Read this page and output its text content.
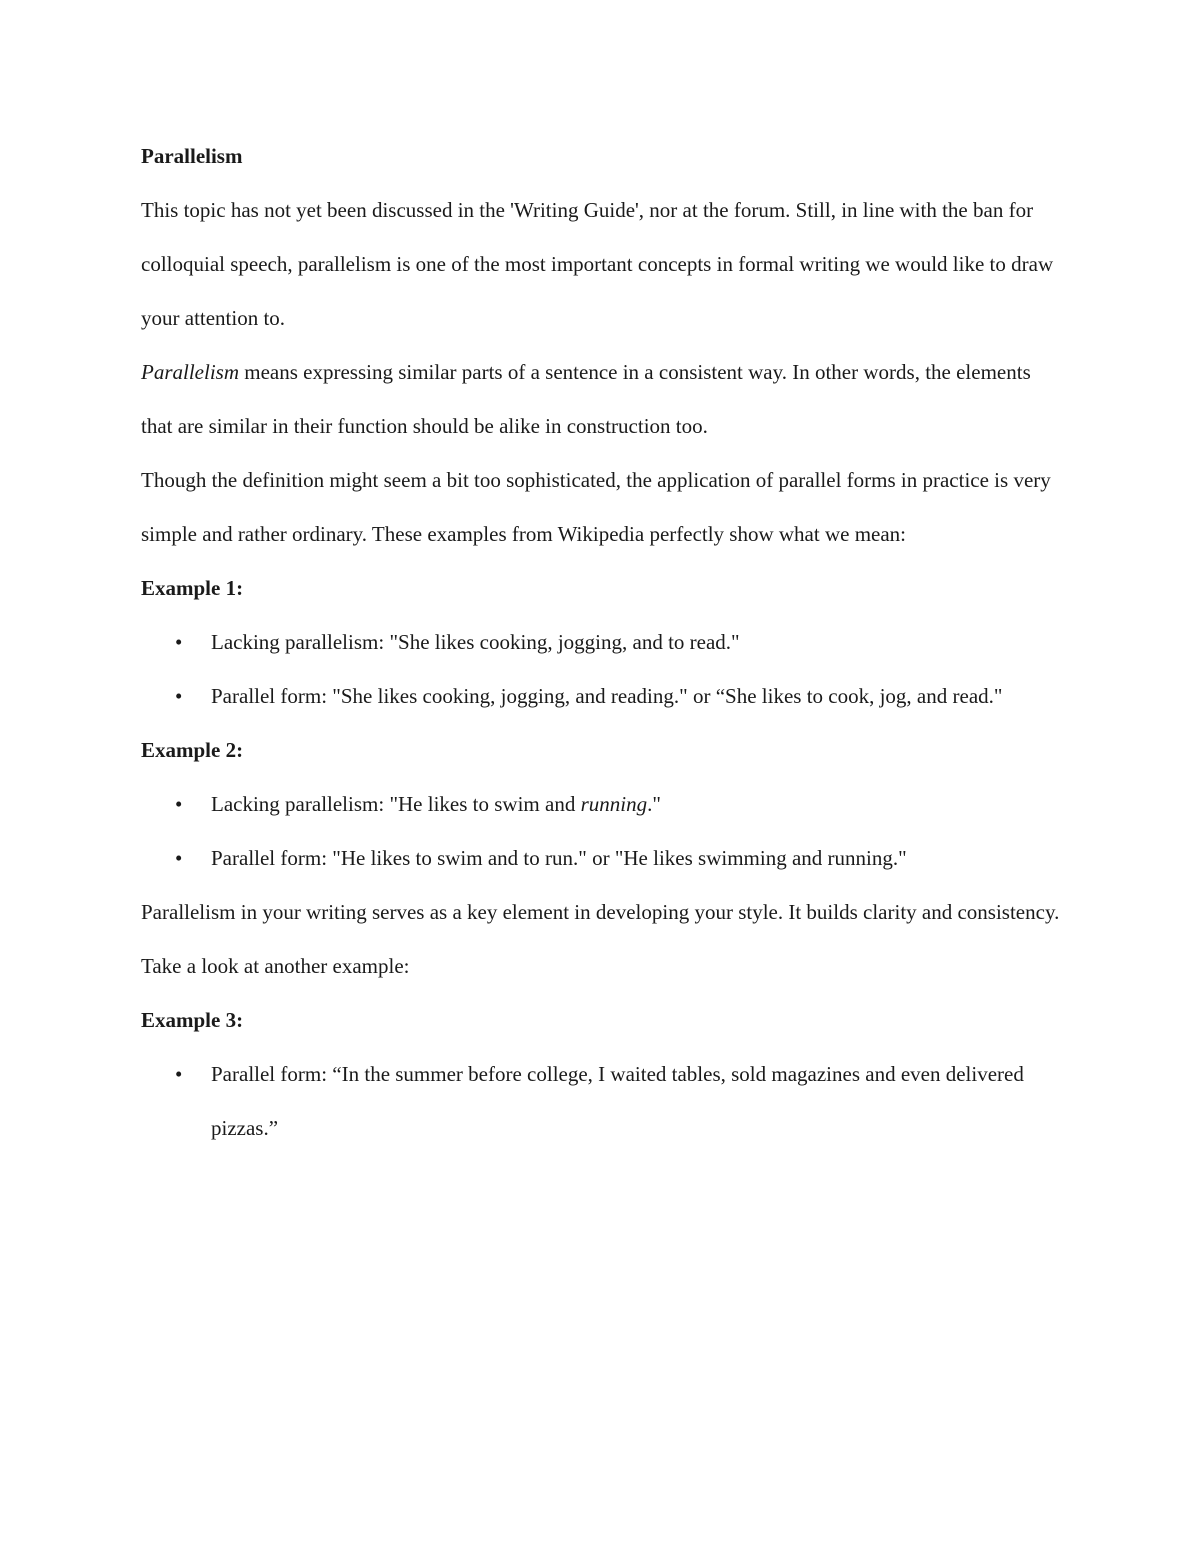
Parallelism

This topic has not yet been discussed in the 'Writing Guide', nor at the forum. Still, in line with the ban for colloquial speech, parallelism is one of the most important concepts in formal writing we would like to draw your attention to.

Parallelism means expressing similar parts of a sentence in a consistent way. In other words, the elements that are similar in their function should be alike in construction too.

Though the definition might seem a bit too sophisticated, the application of parallel forms in practice is very simple and rather ordinary. These examples from Wikipedia perfectly show what we mean:

Example 1:

•	Lacking parallelism: "She likes cooking, jogging, and to read."
•	Parallel form: "She likes cooking, jogging, and reading." or “She likes to cook, jog, and read."

Example 2:

•	Lacking parallelism: "He likes to swim and running."
•	Parallel form: "He likes to swim and to run." or "He likes swimming and running."

Parallelism in your writing serves as a key element in developing your style. It builds clarity and consistency. Take a look at another example:

Example 3:

•	Parallel form: “In the summer before college, I waited tables, sold magazines and even delivered pizzas.”
